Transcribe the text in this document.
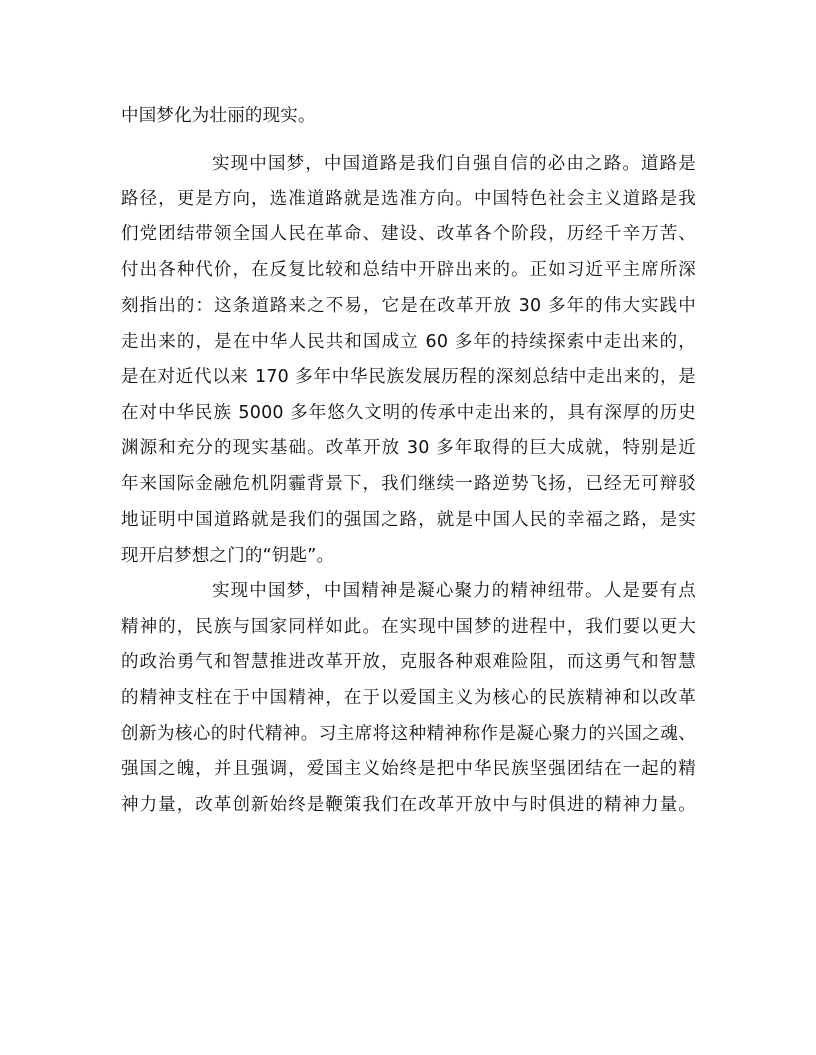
中国梦化为壮丽的现实。

实现中国梦，中国道路是我们自强自信的必由之路。道路是

路径，更是方向，选准道路就是选准方向。中国特色社会主义道路是我

们党团结带领全国人民在革命、建设、改革各个阶段，历经千辛万苦、

付出各种代价，在反复比较和总结中开辟出来的。正如习近平主席所深

刻指出的：这条道路来之不易，它是在改革开放 30 多年的伟大实践中

走出来的，是在中华人民共和国成立 60 多年的持续探索中走出来的，

是在对近代以来 170 多年中华民族发展历程的深刻总结中走出来的，是

在对中华民族 5000 多年悠久文明的传承中走出来的，具有深厚的历史

渊源和充分的现实基础。改革开放 30 多年取得的巨大成就，特别是近

年来国际金融危机阴霾背景下，我们继续一路逆势飞扬，已经无可辩驳

地证明中国道路就是我们的强国之路，就是中国人民的幸福之路，是实

现开启梦想之门的“钥匙”。

实现中国梦，中国精神是凝心聚力的精神纽带。人是要有点

精神的，民族与国家同样如此。在实现中国梦的进程中，我们要以更大

的政治勇气和智慧推进改革开放，克服各种艰难险阻，而这勇气和智慧

的精神支柱在于中国精神，在于以爱国主义为核心的民族精神和以改革

创新为核心的时代精神。习主席将这种精神称作是凝心聚力的兴国之魂、

强国之魄，并且强调，爱国主义始终是把中华民族坚强团结在一起的精

神力量，改革创新始终是鞭策我们在改革开放中与时俱进的精神力量。
